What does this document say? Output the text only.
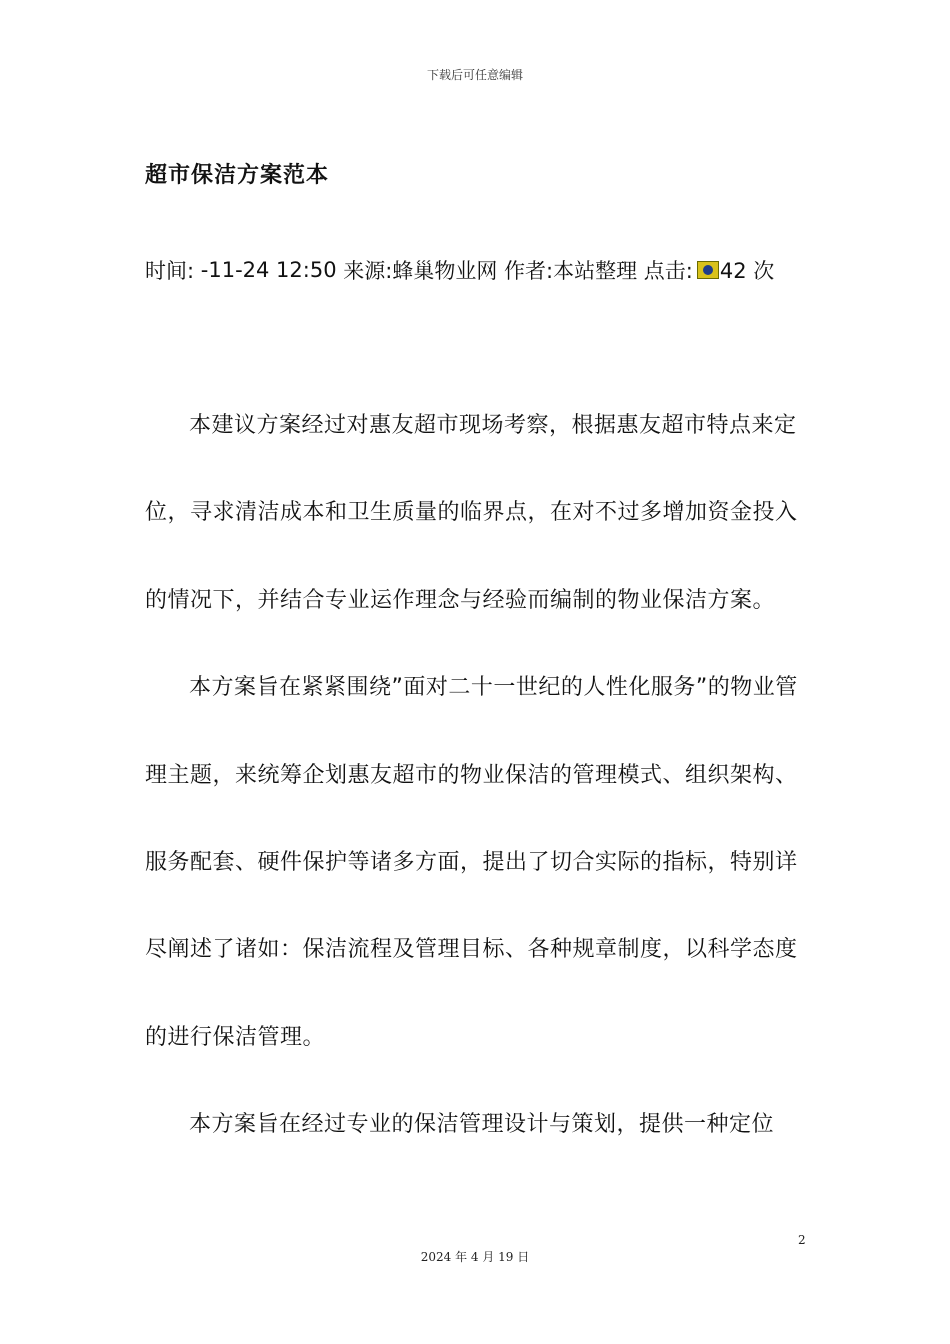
下载后可任意编辑
超市保洁方案范本
时间: -11-24 12:50 来源:蜂巢物业网 作者:本站整理 点击: 42 次

本建议方案经过对惠友超市现场考察，根据惠友超市特点来定位，寻求清洁成本和卫生质量的临界点，在对不过多增加资金投入的情况下，并结合专业运作理念与经验而编制的物业保洁方案。

本方案旨在紧紧围绕”面对二十一世纪的人性化服务”的物业管理主题，来统筹企划惠友超市的物业保洁的管理模式、组织架构、服务配套、硬件保护等诸多方面，提出了切合实际的指标，特别详尽阐述了诸如：保洁流程及管理目标、各种规章制度，以科学态度的进行保洁管理。

本方案旨在经过专业的保洁管理设计与策划，提供一种定位

2
2024 年 4 月 19 日
